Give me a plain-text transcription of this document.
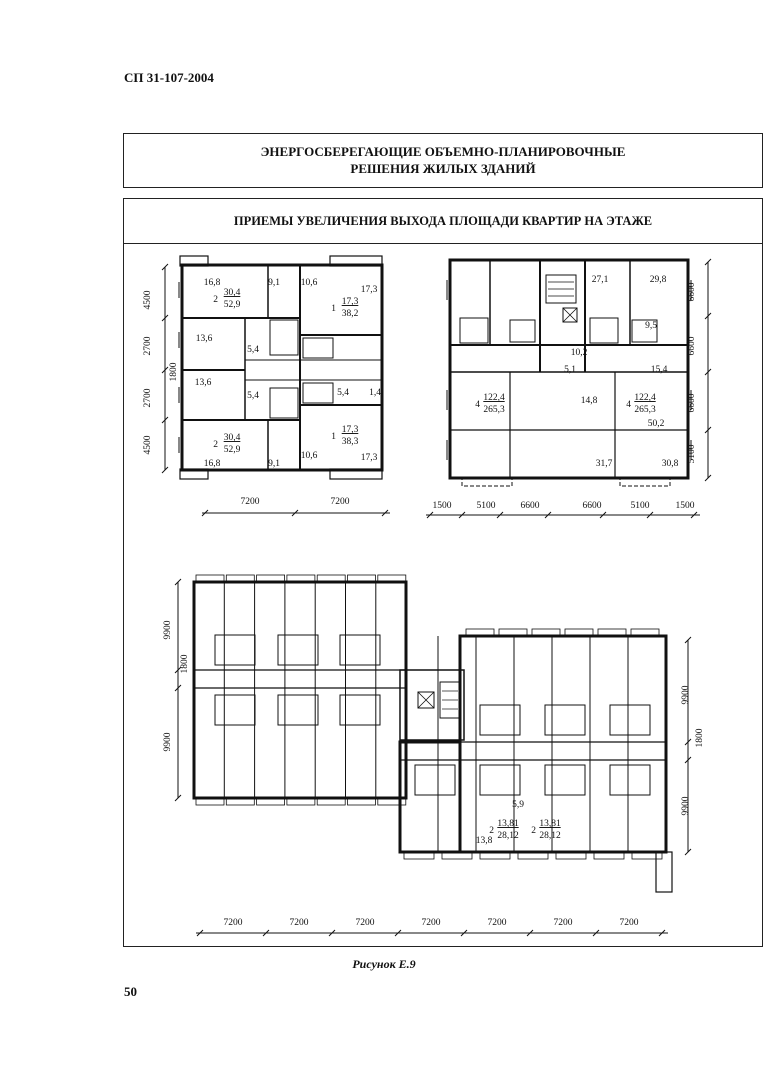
СП 31-107-2004
ЭНЕРГОСБЕРЕГАЮЩИЕ ОБЪЕМНО-ПЛАНИРОВОЧНЫЕ
РЕШЕНИЯ ЖИЛЫХ ЗДАНИЙ
ПРИЕМЫ УВЕЛИЧЕНИЯ ВЫХОДА ПЛОЩАДИ КВАРТИР НА ЭТАЖЕ
16,8	9,1 10,6
17,3
13,6
13,6
5,4
5,4	5,4 1,4
16,8	9,1
10,6	17,3
2
30,4
52,9	1
17,3
38,2
2
30,4
52,9
1
17,3
38,3
4500
2700
2700
4500
1800
7200	7200
27,1	29,8
9,5
10,2
5,1	15,4
14,8
50,2
31,7	30,8
4
122,4
265,3	4
122,4
265,3
6600
6600
6600
5100
1500	5100	6600	6600	5100	1500
5,9
13,8
2
13,81
28,12 2
13,81
28,12
9900
1800
9900
9900
1800
9900
7200	7200	7200	7200	7200	7200	7200
Рисунок Е.9
50
